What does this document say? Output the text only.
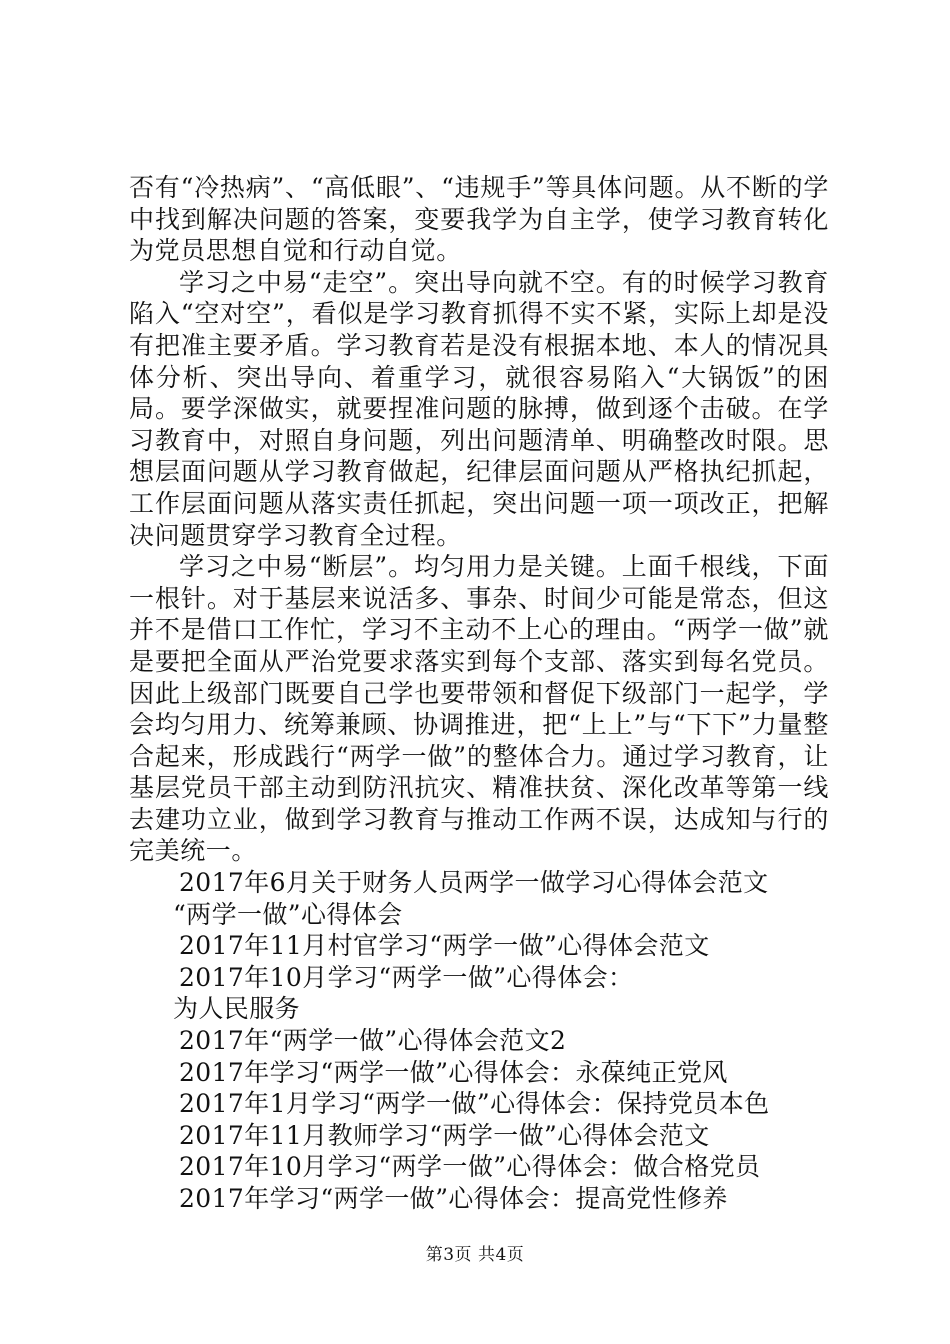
否有“冷热病”、“高低眼”、“违规手”等具体问题。从不断的学中找到解决问题的答案，变要我学为自主学，使学习教育转化为党员思想自觉和行动自觉。

学习之中易“走空”。突出导向就不空。有的时候学习教育陷入“空对空”，看似是学习教育抓得不实不紧，实际上却是没有把准主要矛盾。学习教育若是没有根据本地、本人的情况具体分析、突出导向、着重学习，就很容易陷入“大锅饭”的困局。要学深做实，就要捏准问题的脉搏，做到逐个击破。在学习教育中，对照自身问题，列出问题清单、明确整改时限。思想层面问题从学习教育做起，纪律层面问题从严格执纪抓起，工作层面问题从落实责任抓起，突出问题一项一项改正，把解决问题贯穿学习教育全过程。

学习之中易“断层”。均匀用力是关键。上面千根线，下面一根针。对于基层来说活多、事杂、时间少可能是常态，但这并不是借口工作忙，学习不主动不上心的理由。“两学一做”就是要把全面从严治党要求落实到每个支部、落实到每名党员。因此上级部门既要自己学也要带领和督促下级部门一起学，学会均匀用力、统筹兼顾、协调推进，把“上上”与“下下”力量整合起来，形成践行“两学一做”的整体合力。通过学习教育，让基层党员干部主动到防汛抗灾、精准扶贫、深化改革等第一线去建功立业，做到学习教育与推动工作两不误，达成知与行的完美统一。

2017年6月关于财务人员两学一做学习心得体会范文
“两学一做”心得体会
2017年11月村官学习“两学一做”心得体会范文
2017年10月学习“两学一做”心得体会：
为人民服务
2017年“两学一做”心得体会范文2
2017年学习“两学一做”心得体会：永葆纯正党风
2017年1月学习“两学一做”心得体会：保持党员本色
2017年11月教师学习“两学一做”心得体会范文
2017年10月学习“两学一做”心得体会：做合格党员
2017年学习“两学一做”心得体会：提高党性修养
第3页 共4页
